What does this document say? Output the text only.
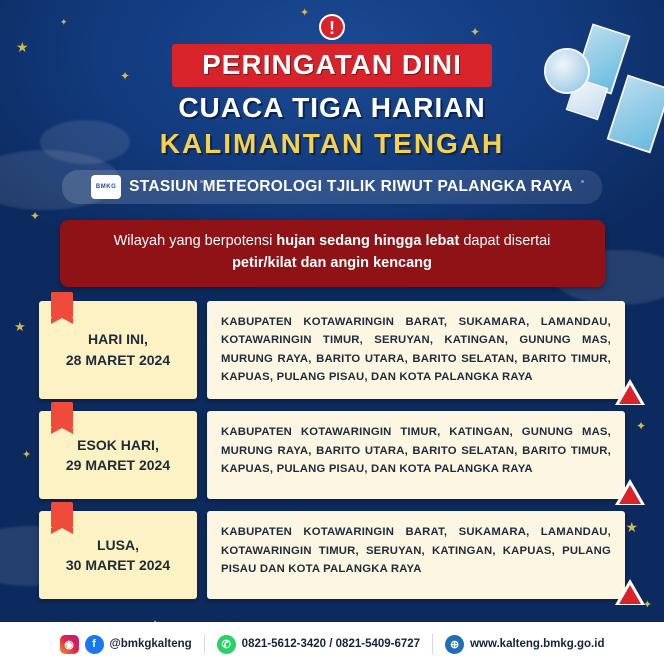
★
✦
✦
✦
✦
✦
★
✦
✦
★
✦
!
PERINGATAN DINI
CUACA TIGA HARIAN
KALIMANTAN TENGAH
BMKG STASIUN METEOROLOGI TJILIK RIWUT PALANGKA RAYA
Wilayah yang berpotensi hujan sedang hingga lebat dapat disertai
petir/kilat dan angin kencang
HARI INI,
28 MARET 2024
KABUPATEN KOTAWARINGIN BARAT, SUKAMARA, LAMANDAU, KOTAWARINGIN TIMUR, SERUYAN, KATINGAN, GUNUNG MAS, MURUNG RAYA, BARITO UTARA, BARITO SELATAN, BARITO TIMUR, KAPUAS, PULANG PISAU, DAN KOTA PALANGKA RAYA
!
ESOK HARI,
29 MARET 2024
KABUPATEN KOTAWARINGIN TIMUR, KATINGAN, GUNUNG MAS, MURUNG RAYA, BARITO UTARA, BARITO SELATAN, BARITO TIMUR, KAPUAS, PULANG PISAU, DAN KOTA PALANGKA RAYA
!
LUSA,
30 MARET 2024
KABUPATEN KOTAWARINGIN BARAT, SUKAMARA, LAMANDAU, KOTAWARINGIN TIMUR, SERUYAN, KATINGAN, KAPUAS, PULANG PISAU DAN KOTA PALANGKA RAYA
!
◉	f	@bmkgkalteng	✆ 0821-5612-3420 / 0821-5409-6727	⊕ www.kalteng.bmkg.go.id
